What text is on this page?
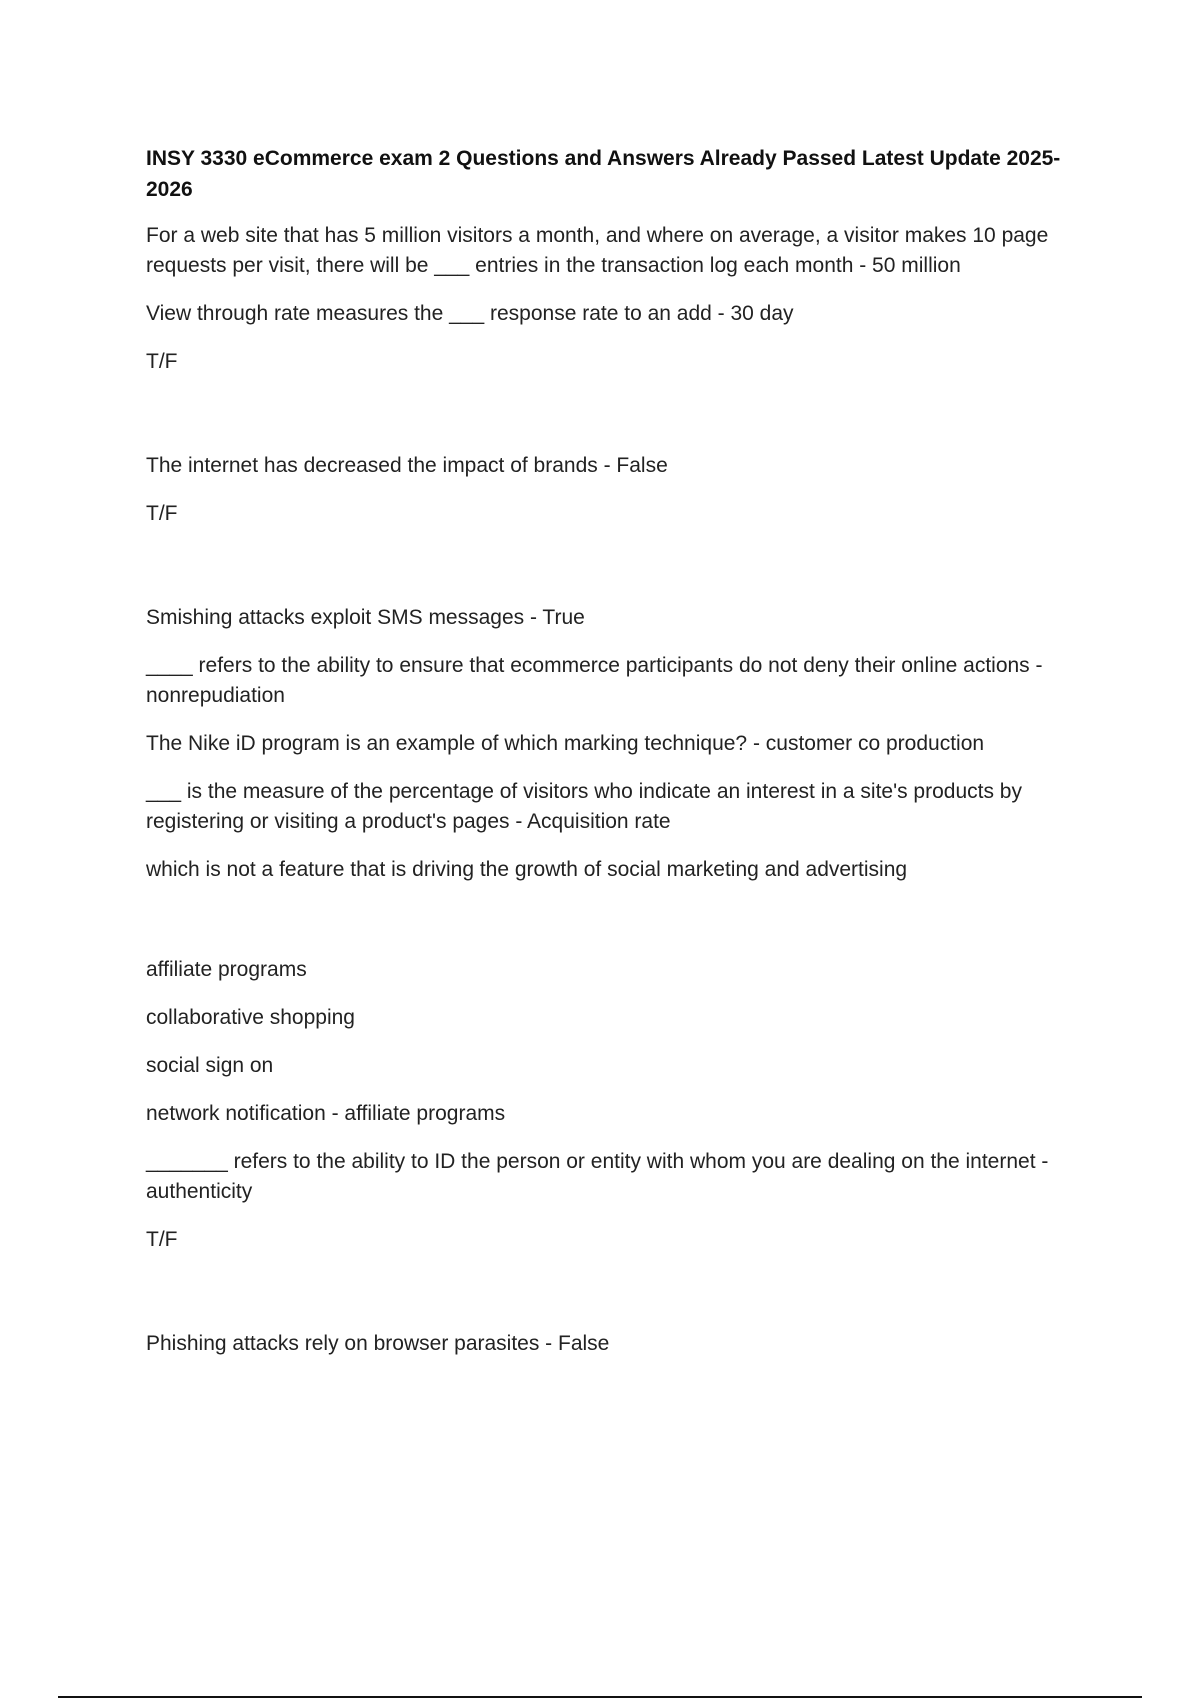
INSY 3330 eCommerce exam 2 Questions and Answers Already Passed Latest Update 2025-2026
For a web site that has 5 million visitors a month, and where on average, a visitor makes 10 page requests per visit, there will be ___ entries in the transaction log each month - 50 million
View through rate measures the ___ response rate to an add - 30 day
T/F
The internet has decreased the impact of brands - False
T/F
Smishing attacks exploit SMS messages - True
____ refers to the ability to ensure that ecommerce participants do not deny their online actions - nonrepudiation
The Nike iD program is an example of which marking technique? - customer co production
___ is the measure of the percentage of visitors who indicate an interest in a site's products by registering or visiting a product's pages - Acquisition rate
which is not a feature that is driving the growth of social marketing and advertising
affiliate programs
collaborative shopping
social sign on
network notification - affiliate programs
_______ refers to the ability to ID the person or entity with whom you are dealing on the internet - authenticity
T/F
Phishing attacks rely on browser parasites - False
